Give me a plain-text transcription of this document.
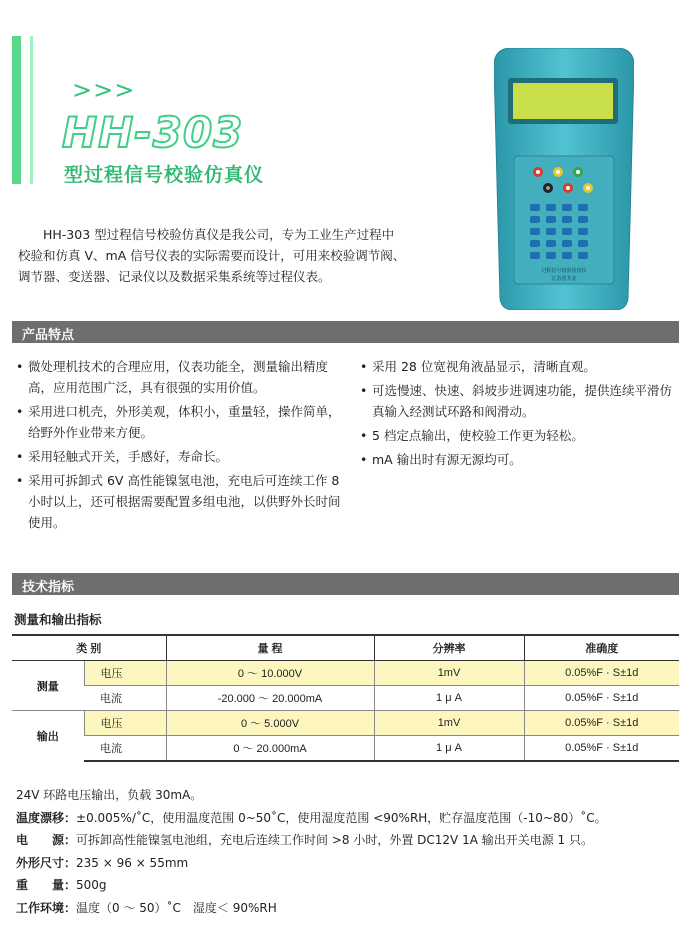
>>>
HH-303
型过程信号校验仿真仪

　　HH-303 型过程信号校验仿真仪是我公司，专为工业生产过程中

校验和仿真 V、mA 信号仪表的实际需要而设计，可用来校验调节阀、

调节器、变送器、记录仪以及数据采集系统等过程仪表。	过程信号校验仿真仪
江苏省共安
产品特点
• 微处理机技术的合理应用，仪表功能全，测量输出精度高，应用范围广泛，具有很强的实用价值。
• 采用进口机壳，外形美观，体积小，重量轻，操作简单，给野外作业带来方便。
• 采用轻触式开关，手感好，寿命长。
• 采用可拆卸式 6V 高性能镍氢电池，充电后可连续工作 8 小时以上，还可根据需要配置多组电池，以供野外长时间使用。
• 采用 28 位宽视角液晶显示，清晰直观。
• 可选慢速、快速、斜坡步进调速功能，提供连续平滑仿真输入经测试环路和阀滑动。
• 5 档定点输出，使校验工作更为轻松。
• mA 输出时有源无源均可。
技术指标
测量和输出指标
类 别		量 程	分辨率	准确度
测量	电压	0 ～ 10.000V	1mV	0.05%F · S±1d
	电流	-20.000 ～ 20.000mA	1 μ A	0.05%F · S±1d
输出	电压	0 ～ 5.000V	1mV	0.05%F · S±1d
	电流	0 ～ 20.000mA	1 μ A	0.05%F · S±1d
24V 环路电压输出，负载 30mA。
温度漂移：±0.005%/˚C，使用温度范围 0~50˚C，使用湿度范围 <90%RH，贮存温度范围（-10~80）˚C。
电　　源：可拆卸高性能镍氢电池组，充电后连续工作时间 >8 小时，外置 DC12V 1A 输出开关电源 1 只。
外形尺寸：235 × 96 × 55mm
重　　量：500g
工作环境：温度（0 ～ 50）˚C　湿度＜ 90%RH
